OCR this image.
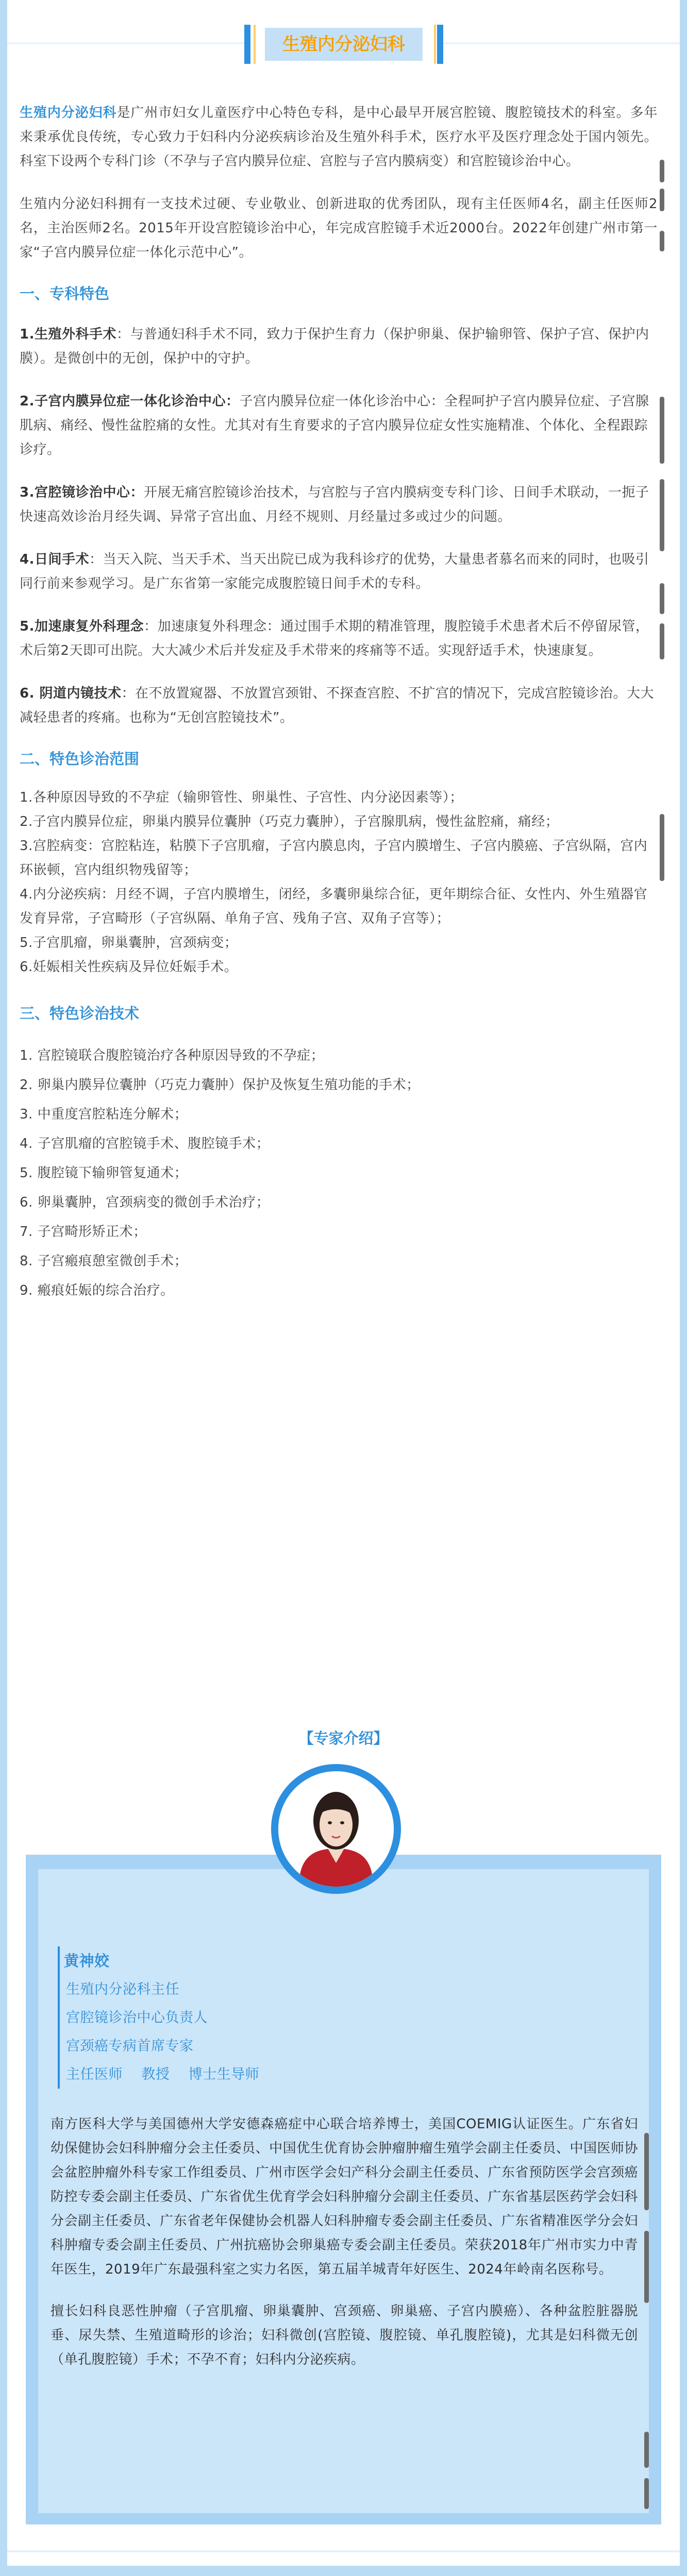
生殖内分泌妇科

生殖内分泌妇科是广州市妇女儿童医疗中心特色专科，是中心最早开展宫腔镜、腹腔镜技术的科室。多年来秉承优良传统，专心致力于妇科内分泌疾病诊治及生殖外科手术，医疗水平及医疗理念处于国内领先。科室下设两个专科门诊（不孕与子宫内膜异位症、宫腔与子宫内膜病变）和宫腔镜诊治中心。

生殖内分泌妇科拥有一支技术过硬、专业敬业、创新进取的优秀团队，现有主任医师4名，副主任医师2名，主治医师2名。2015年开设宫腔镜诊治中心，年完成宫腔镜手术近2000台。2022年创建广州市第一家“子宫内膜异位症一体化示范中心”。

一、专科特色

1.生殖外科手术：与普通妇科手术不同，致力于保护生育力（保护卵巢、保护输卵管、保护子宫、保护内膜）。是微创中的无创，保护中的守护。

2.子宫内膜异位症一体化诊治中心：子宫内膜异位症一体化诊治中心：全程呵护子宫内膜异位症、子宫腺肌病、痛经、慢性盆腔痛的女性。尤其对有生育要求的子宫内膜异位症女性实施精准、个体化、全程跟踪诊疗。

3.宫腔镜诊治中心：开展无痛宫腔镜诊治技术，与宫腔与子宫内膜病变专科门诊、日间手术联动，一扼子快速高效诊治月经失调、异常子宫出血、月经不规则、月经量过多或过少的问题。

4.日间手术：当天入院、当天手术、当天出院已成为我科诊疗的优势，大量患者慕名而来的同时，也吸引同行前来参观学习。是广东省第一家能完成腹腔镜日间手术的专科。

5.加速康复外科理念：加速康复外科理念：通过围手术期的精准管理，腹腔镜手术患者术后不停留尿管，术后第2天即可出院。大大减少术后并发症及手术带来的疼痛等不适。实现舒适手术，快速康复。

6. 阴道内镜技术：在不放置窥器、不放置宫颈钳、不探查宫腔、不扩宫的情况下，完成宫腔镜诊治。大大减轻患者的疼痛。也称为“无创宫腔镜技术”。

二、特色诊治范围

1.各种原因导致的不孕症（输卵管性、卵巢性、子宫性、内分泌因素等）；

2.子宫内膜异位症，卵巢内膜异位囊肿（巧克力囊肿），子宫腺肌病，慢性盆腔痛，痛经；

3.宫腔病变：宫腔粘连，粘膜下子宫肌瘤，子宫内膜息肉，子宫内膜增生、子宫内膜癌、子宫纵隔，宫内环嵌顿，宫内组织物残留等；

4.内分泌疾病：月经不调，子宫内膜增生，闭经，多囊卵巢综合征，更年期综合征、女性内、外生殖器官发育异常，子宫畸形（子宫纵隔、单角子宫、残角子宫、双角子宫等）；

5.子宫肌瘤，卵巢囊肿，宫颈病变；

6.妊娠相关性疾病及异位妊娠手术。

三、特色诊治技术

1. 宫腔镜联合腹腔镜治疗各种原因导致的不孕症；

2. 卵巢内膜异位囊肿（巧克力囊肿）保护及恢复生殖功能的手术；

3. 中重度宫腔粘连分解术；

4. 子宫肌瘤的宫腔镜手术、腹腔镜手术；

5. 腹腔镜下输卵管复通术；

6. 卵巢囊肿，宫颈病变的微创手术治疗；

7. 子宫畸形矫正术；

8. 子宫瘢痕憩室微创手术；

9. 瘢痕妊娠的综合治疗。

【专家介绍】

黄神姣

生殖内分泌科主任

宫腔镜诊治中心负责人

宫颈癌专病首席专家

主任医师    教授    博士生导师

南方医科大学与美国德州大学安德森癌症中心联合培养博士，美国COEMIG认证医生。广东省妇幼保健协会妇科肿瘤分会主任委员、中国优生优育协会肿瘤肿瘤生殖学会副主任委员、中国医师协会盆腔肿瘤外科专家工作组委员、广州市医学会妇产科分会副主任委员、广东省预防医学会宫颈癌防控专委会副主任委员、广东省优生优育学会妇科肿瘤分会副主任委员、广东省基层医药学会妇科分会副主任委员、广东省老年保健协会机器人妇科肿瘤专委会副主任委员、广东省精准医学分会妇科肿瘤专委会副主任委员、广州抗癌协会卵巢癌专委会副主任委员。荣获2018年广州市实力中青年医生，2019年广东最强科室之实力名医，第五届羊城青年好医生、2024年岭南名医称号。

擅长妇科良恶性肿瘤（子宫肌瘤、卵巢囊肿、宫颈癌、卵巢癌、子宫内膜癌）、各种盆腔脏器脱垂、尿失禁、生殖道畸形的诊治；妇科微创(宫腔镜、腹腔镜、单孔腹腔镜)，尤其是妇科微无创（单孔腹腔镜）手术；不孕不育；妇科内分泌疾病。
